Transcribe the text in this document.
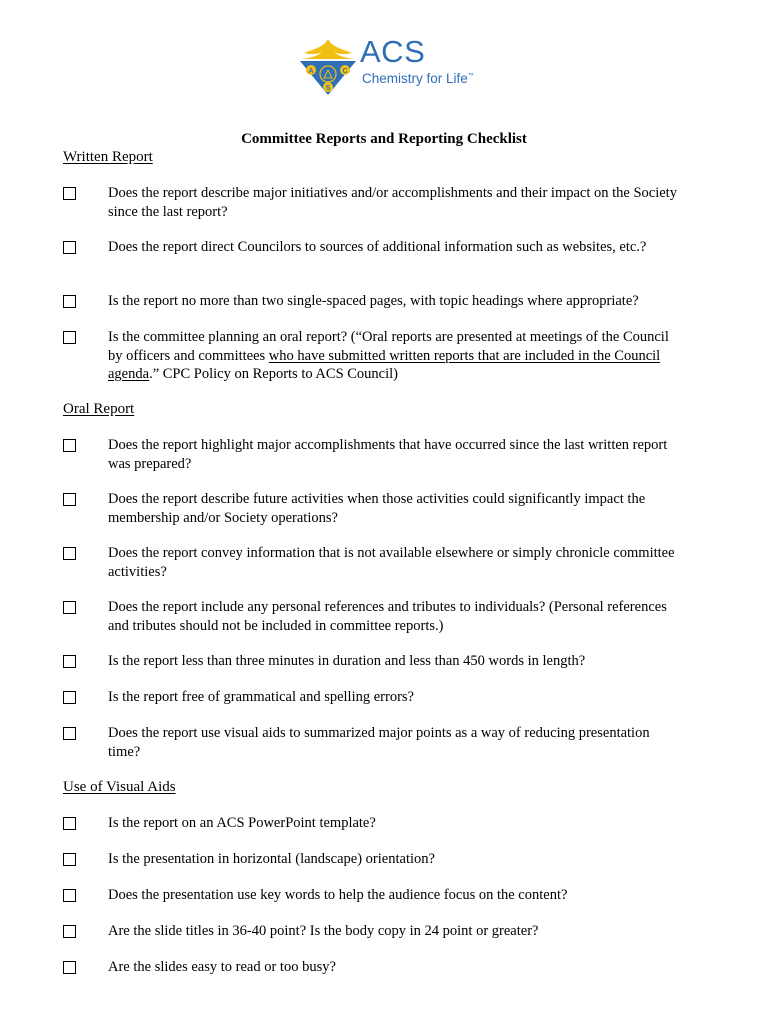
A	C
S
ACS
Chemistry for Life™
Committee Reports and Reporting Checklist
Written Report
Does the report describe major initiatives and/or accomplishments and their impact on the Society since the last report?
Does the report direct Councilors to sources of additional information such as websites, etc.?
Is the report no more than two single-spaced pages, with topic headings where appropriate?
Is the committee planning an oral report? (“Oral reports are presented at meetings of the Council by officers and committees who have submitted written reports that are included in the Council agenda.” CPC Policy on Reports to ACS Council)
Oral Report
Does the report highlight major accomplishments that have occurred since the last written report was prepared?
Does the report describe future activities when those activities could significantly impact the membership and/or Society operations?
Does the report convey information that is not available elsewhere or simply chronicle committee activities?
Does the report include any personal references and tributes to individuals? (Personal references and tributes should not be included in committee reports.)
Is the report less than three minutes in duration and less than 450 words in length?
Is the report free of grammatical and spelling errors?
Does the report use visual aids to summarized major points as a way of reducing presentation time?
Use of Visual Aids
Is the report on an ACS PowerPoint template?
Is the presentation in horizontal (landscape) orientation?
Does the presentation use key words to help the audience focus on the content?
Are the slide titles in 36-40 point? Is the body copy in 24 point or greater?
Are the slides easy to read or too busy?
